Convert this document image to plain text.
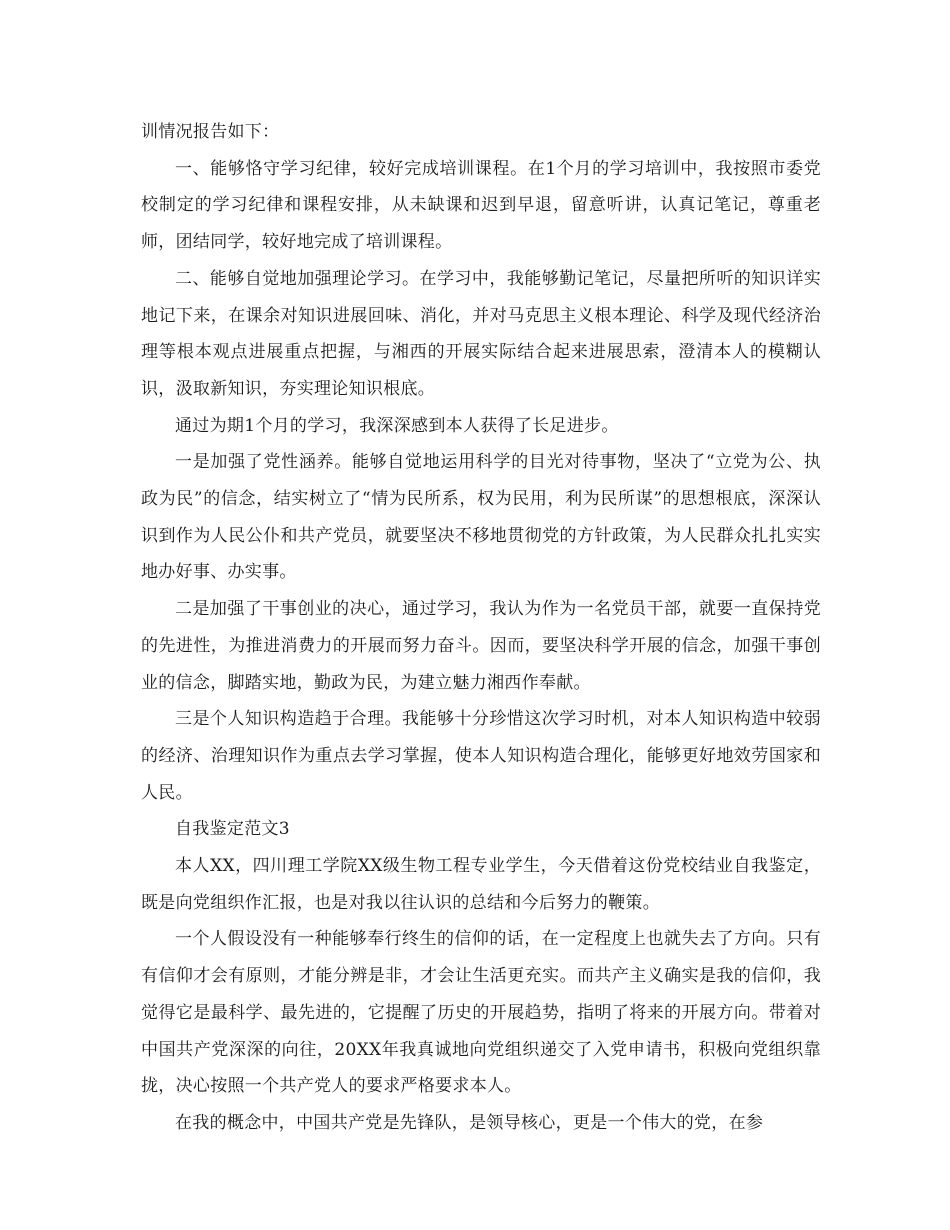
训情况报告如下：

一、能够恪守学习纪律，较好完成培训课程。在1个月的学习培训中，我按照市委党校制定的学习纪律和课程安排，从未缺课和迟到早退，留意听讲，认真记笔记，尊重老师，团结同学，较好地完成了培训课程。

二、能够自觉地加强理论学习。在学习中，我能够勤记笔记，尽量把所听的知识详实地记下来，在课余对知识进展回味、消化，并对马克思主义根本理论、科学及现代经济治理等根本观点进展重点把握，与湘西的开展实际结合起来进展思索，澄清本人的模糊认识，汲取新知识，夯实理论知识根底。

通过为期1个月的学习，我深深感到本人获得了长足进步。

一是加强了党性涵养。能够自觉地运用科学的目光对待事物，坚决了“立党为公、执政为民”的信念，结实树立了“情为民所系，权为民用，利为民所谋”的思想根底，深深认识到作为人民公仆和共产党员，就要坚决不移地贯彻党的方针政策，为人民群众扎扎实实地办好事、办实事。

二是加强了干事创业的决心，通过学习，我认为作为一名党员干部，就要一直保持党的先进性，为推进消费力的开展而努力奋斗。因而，要坚决科学开展的信念，加强干事创业的信念，脚踏实地，勤政为民，为建立魅力湘西作奉献。

三是个人知识构造趋于合理。我能够十分珍惜这次学习时机，对本人知识构造中较弱的经济、治理知识作为重点去学习掌握，使本人知识构造合理化，能够更好地效劳国家和人民。

自我鉴定范文3

本人XX，四川理工学院XX级生物工程专业学生，今天借着这份党校结业自我鉴定，既是向党组织作汇报，也是对我以往认识的总结和今后努力的鞭策。

一个人假设没有一种能够奉行终生的信仰的话，在一定程度上也就失去了方向。只有有信仰才会有原则，才能分辨是非，才会让生活更充实。而共产主义确实是我的信仰，我觉得它是最科学、最先进的，它提醒了历史的开展趋势，指明了将来的开展方向。带着对中国共产党深深的向往，20XX年我真诚地向党组织递交了入党申请书，积极向党组织靠拢，决心按照一个共产党人的要求严格要求本人。

在我的概念中，中国共产党是先锋队，是领导核心，更是一个伟大的党，在参
